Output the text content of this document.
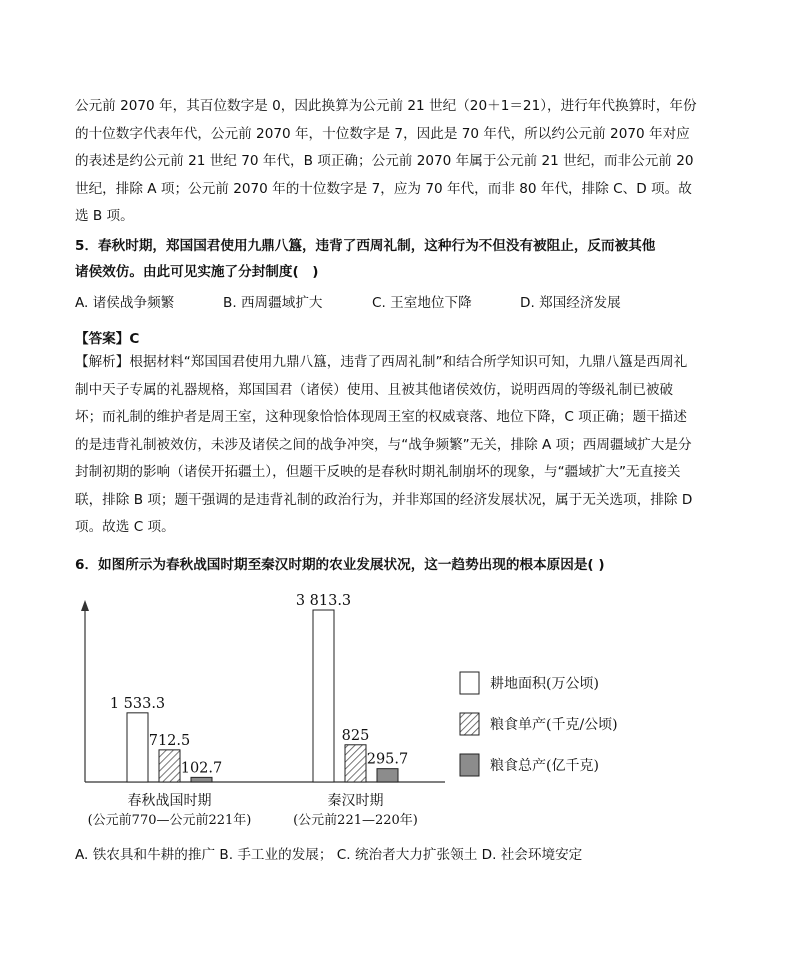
公元前 2070 年，其百位数字是 0，因此换算为公元前 21 世纪（20＋1＝21），进行年代换算时，年份的十位数字代表年代，公元前 2070 年，十位数字是 7，因此是 70 年代，所以约公元前 2070 年对应的表述是约公元前 21 世纪 70 年代，B 项正确；公元前 2070 年属于公元前 21 世纪，而非公元前 20 世纪，排除 A 项；公元前 2070 年的十位数字是 7，应为 70 年代，而非 80 年代，排除 C、D 项。故选 B 项。

5．春秋时期，郑国国君使用九鼎八簋，违背了西周礼制，这种行为不但没有被阻止，反而被其他
诸侯效仿。由此可见实施了分封制度(　)
A. 诸侯战争频繁	B. 西周疆域扩大	C. 王室地位下降	D. 郑国经济发展
【答案】C

【解析】根据材料“郑国国君使用九鼎八簋，违背了西周礼制”和结合所学知识可知，九鼎八簋是西周礼制中天子专属的礼器规格，郑国国君（诸侯）使用、且被其他诸侯效仿，说明西周的等级礼制已被破坏；而礼制的维护者是周王室，这种现象恰恰体现周王室的权威衰落、地位下降，C 项正确；题干描述的是违背礼制被效仿，未涉及诸侯之间的战争冲突，与“战争频繁”无关，排除 A 项；西周疆域扩大是分封制初期的影响（诸侯开拓疆土），但题干反映的是春秋时期礼制崩坏的现象，与“疆域扩大”无直接关联，排除 B 项；题干强调的是违背礼制的政治行为，并非郑国的经济发展状况，属于无关选项，排除 D 项。故选 C 项。

6．如图所示为春秋战国时期至秦汉时期的农业发展状况，这一趋势出现的根本原因是( )
1 533.3
3 813.3
712.5	825
102.7
295.7
春秋战国时期
(公元前770—公元前221年)
秦汉时期
(公元前221—220年)
耕地面积(万公顷)
粮食单产(千克/公顷)
粮食总产(亿千克)
A. 铁农具和牛耕的推广 B. 手工业的发展； C. 统治者大力扩张领土 D. 社会环境安定
